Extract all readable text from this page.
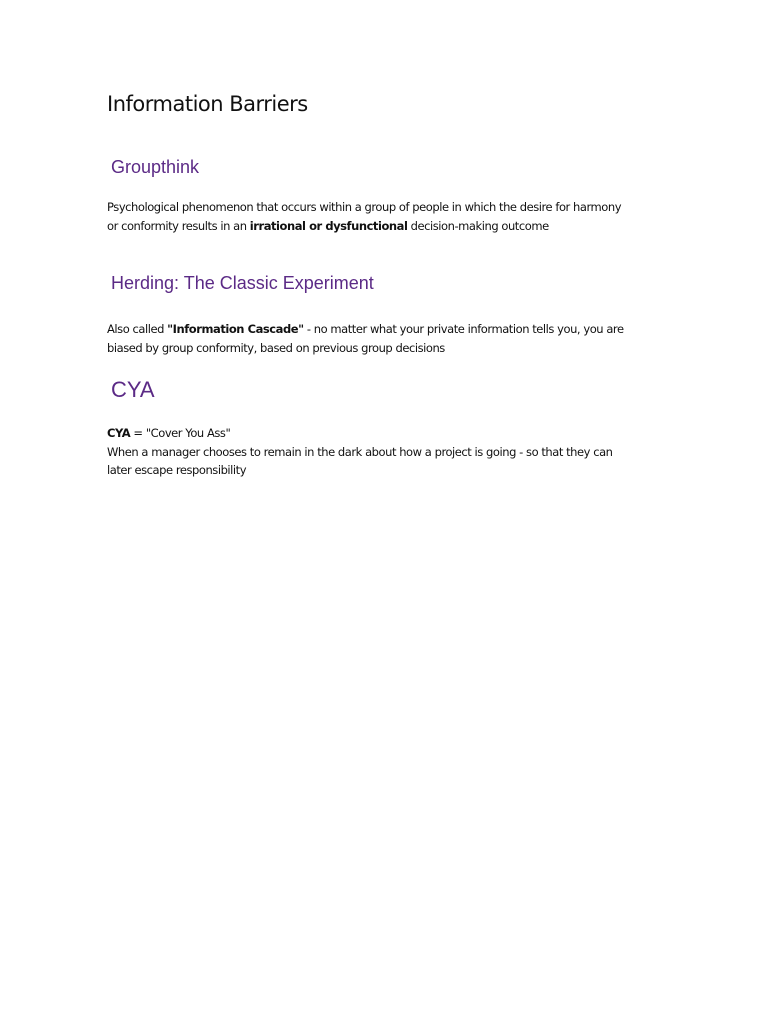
Information Barriers
Groupthink

Psychological phenomenon that occurs within a group of people in which the desire for harmony
or conformity results in an irrational or dysfunctional decision-making outcome

Herding: The Classic Experiment

Also called "Information Cascade" - no matter what your private information tells you, you are
biased by group conformity, based on previous group decisions

CYA

CYA = "Cover You Ass"
When a manager chooses to remain in the dark about how a project is going - so that they can
later escape responsibility
